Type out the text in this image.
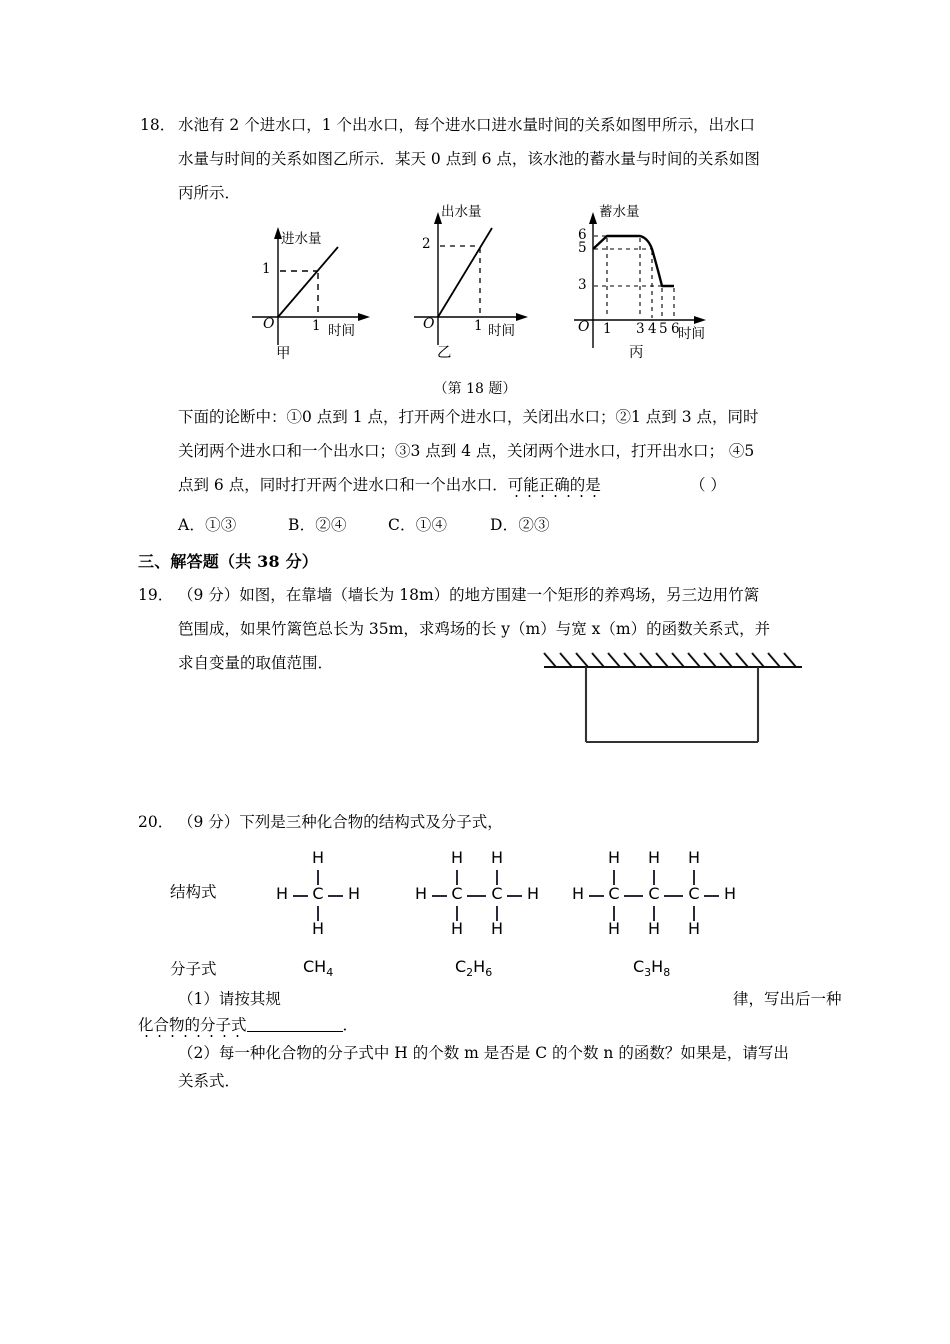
18． 水池有 2 个进水口，1 个出水口，每个进水口进水量时间的关系如图甲所示，出水口
水量与时间的关系如图乙所示．某天 0 点到 6 点，该水池的蓄水量与时间的关系如图
丙所示．
进水量
时间
1
1
O
甲
出水量
时间
2
1
O
乙
蓄水量
时间
6
5
3
1 3 4 5 6
O
丙
（第 18 题）
下面的论断中：①0 点到 1 点，打开两个进水口，关闭出水口；②1 点到 3 点，同时
关闭两个进水口和一个出水口；③3 点到 4 点，关闭两个进水口，打开出水口； ④5
点到 6 点，同时打开两个进水口和一个出水口．可能正确的是	（ ）
A．①③	B．②④	C．①④	D．②③
三、解答题（共 38 分）
19． （9 分）如图，在靠墙（墙长为 18m）的地方围建一个矩形的养鸡场，另三边用竹篱
笆围成，如果竹篱笆总长为 35m，求鸡场的长 y（m）与宽 x（m）的函数关系式，并
求自变量的取值范围．
20． （9 分）下列是三种化合物的结构式及分子式，
结构式
分子式
H
C
H	H
H
$CH_4$
H H
C C
H	H
H H
$C_2H_6$
H H H
C C C
H	H
H H H
$C_3H_8$
（1）请按其规	律，写出后一种
化合物的分子式	．
（2）每一种化合物的分子式中 H 的个数 m 是否是 C 的个数 n 的函数？如果是，请写出
关系式．
